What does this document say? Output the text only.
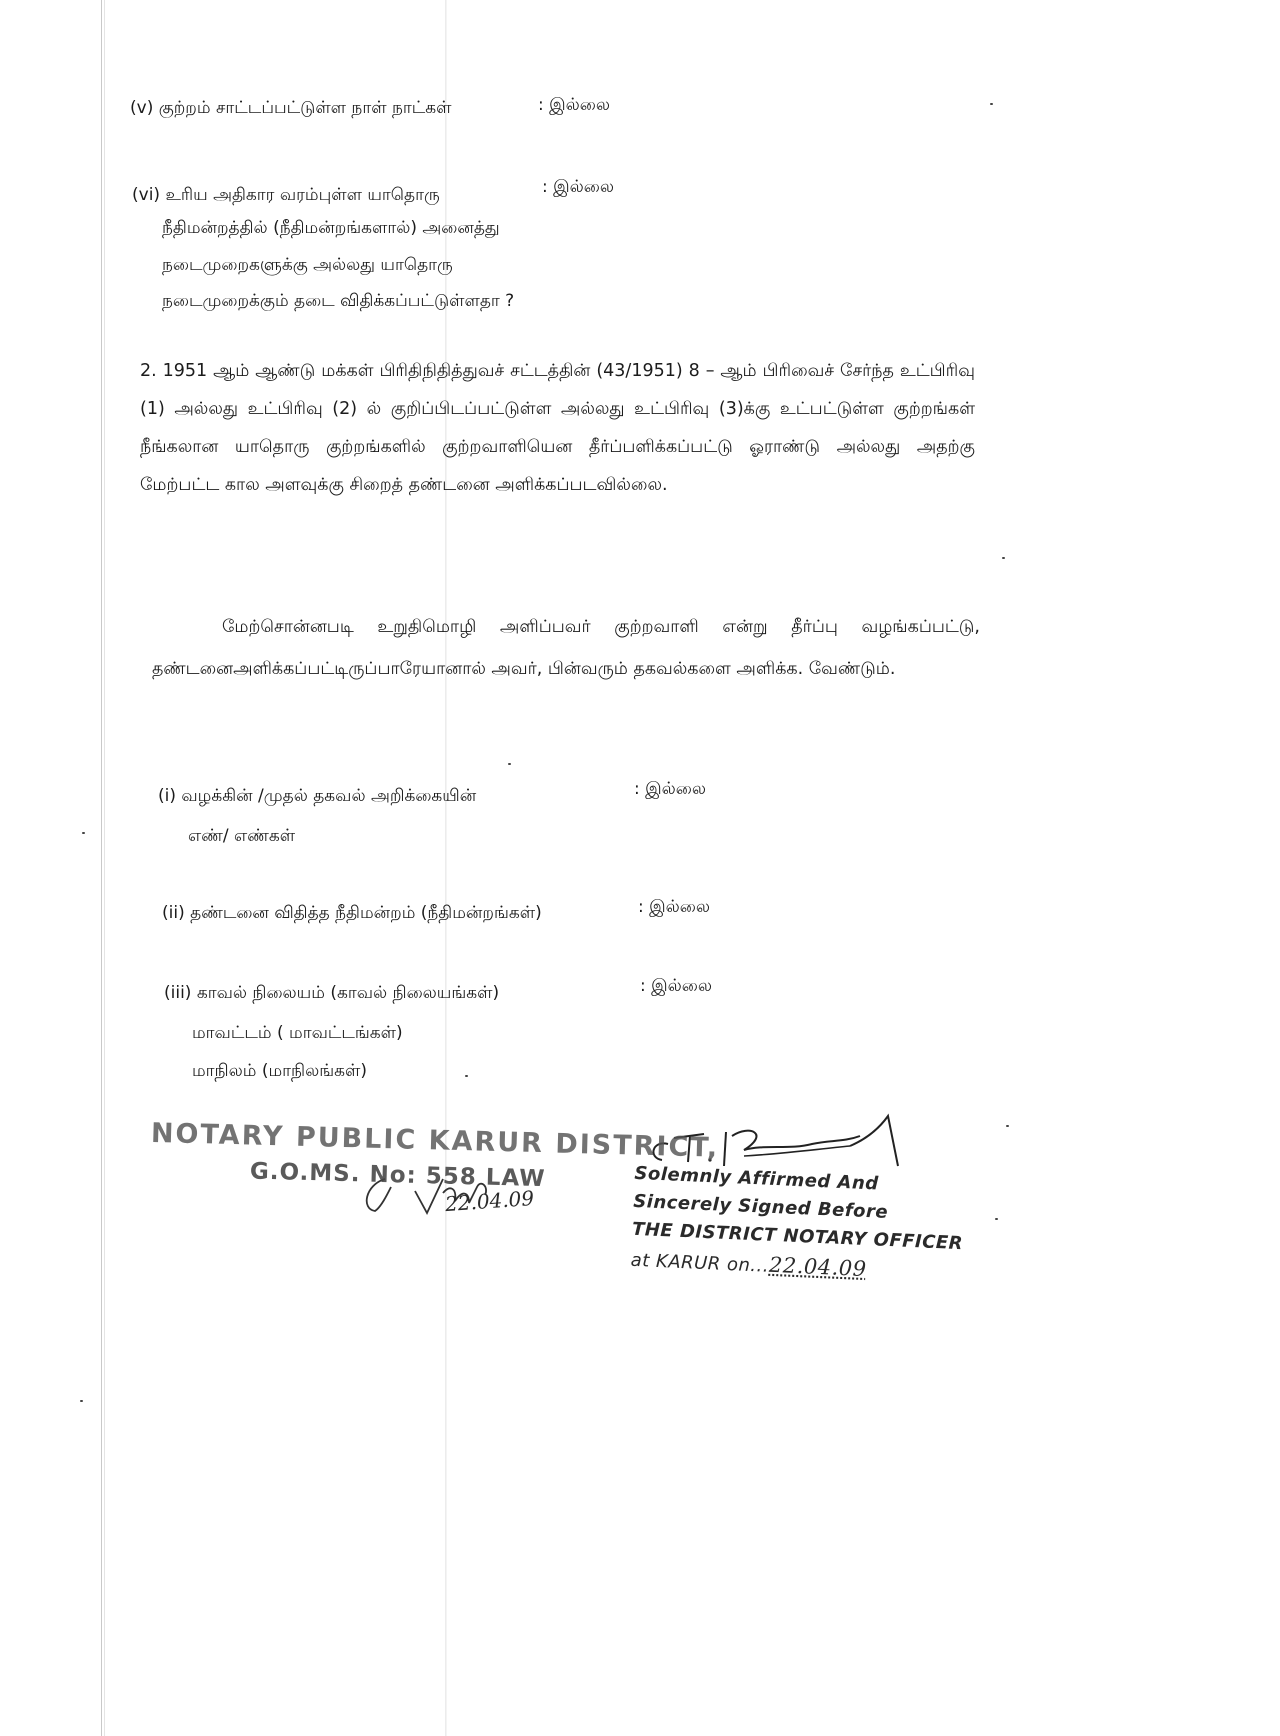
(v) குற்றம் சாட்டப்பட்டுள்ள நாள் நாட்கள்	: இல்லை
(vi) உரிய அதிகார வரம்புள்ள யாதொரு	: இல்லை
நீதிமன்றத்தில் (நீதிமன்றங்களால்) அனைத்து
நடைமுறைகளுக்கு அல்லது யாதொரு
நடைமுறைக்கும் தடை விதிக்கப்பட்டுள்ளதா ?
2. 1951 ஆம் ஆண்டு மக்கள் பிரிதிநிதித்துவச் சட்டத்தின் (43/1951) 8 – ஆம் பிரிவைச் சேர்ந்த உட்பிரிவு (1) அல்லது உட்பிரிவு (2) ல் குறிப்பிடப்பட்டுள்ள அல்லது உட்பிரிவு (3)க்கு உட்பட்டுள்ள குற்றங்கள் நீங்கலான யாதொரு குற்றங்களில் குற்றவாளியென தீர்ப்பளிக்கப்பட்டு ஓராண்டு அல்லது அதற்கு மேற்பட்ட கால அளவுக்கு சிறைத் தண்டனை அளிக்கப்படவில்லை.
மேற்சொன்னபடி உறுதிமொழி அளிப்பவர் குற்றவாளி என்று தீர்ப்பு வழங்கப்பட்டு, தண்டனைஅளிக்கப்பட்டிருப்பாரேயானால் அவர், பின்வரும் தகவல்களை அளிக்க. வேண்டும்.
(i) வழக்கின் /முதல் தகவல் அறிக்கையின்	: இல்லை
எண்/ எண்கள்
(ii) தண்டனை விதித்த நீதிமன்றம் (நீதிமன்றங்கள்)	: இல்லை
(iii) காவல் நிலையம் (காவல் நிலையங்கள்)	: இல்லை
மாவட்டம் ( மாவட்டங்கள்)
மாநிலம் (மாநிலங்கள்)
22.04.09
NOTARY PUBLIC KARUR DISTRICT,
G.O.MS. No: 558 LAW	Solemnly Affirmed And
Sincerely Signed Before
THE DISTRICT NOTARY OFFICER
at KARUR on...22.04.09
